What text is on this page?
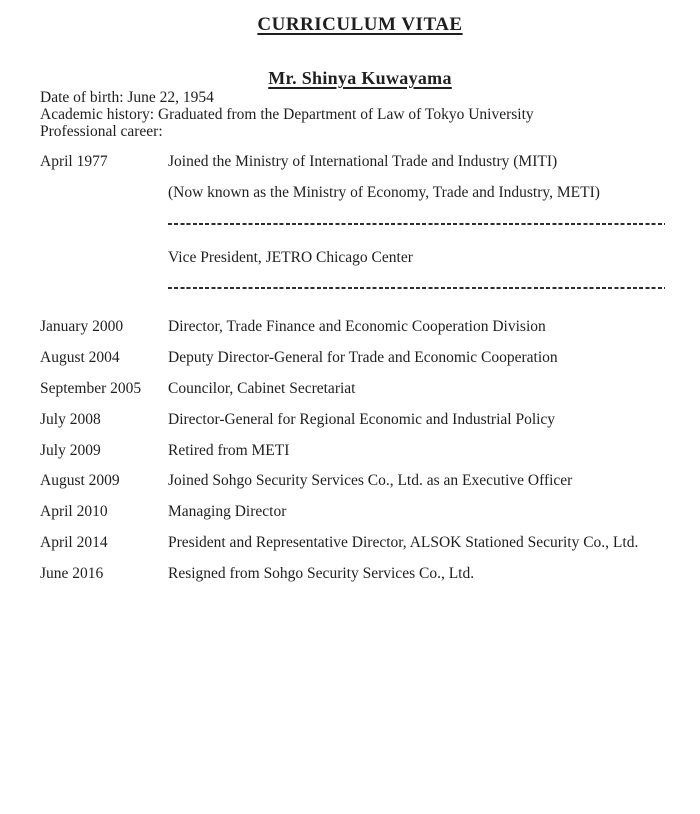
CURRICULUM VITAE
Mr. Shinya Kuwayama

Date of birth: June 22, 1954

Academic history: Graduated from the Department of Law of Tokyo University

Professional career:

April 1977	Joined the Ministry of International Trade and Industry (MITI)
(Now known as the Ministry of Economy, Trade and Industry, METI)
Vice President, JETRO Chicago Center
January 2000	Director, Trade Finance and Economic Cooperation Division
August 2004	Deputy Director-General for Trade and Economic Cooperation
September 2005	Councilor, Cabinet Secretariat
July 2008	Director-General for Regional Economic and Industrial Policy
July 2009	Retired from METI
August 2009	Joined Sohgo Security Services Co., Ltd. as an Executive Officer
April 2010	Managing Director
April 2014	President and Representative Director, ALSOK Stationed Security Co., Ltd.
June 2016	Resigned from Sohgo Security Services Co., Ltd.
